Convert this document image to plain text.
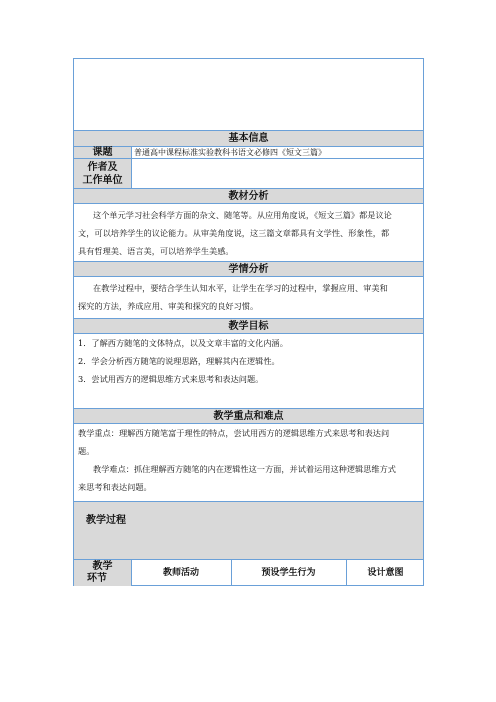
基本信息
课题	普通高中课程标准实验教科书语文必修四《短文三篇》
作者及
工作单位
教材分析
这个单元学习社会科学方面的杂文、随笔等。从应用角度说，《短文三篇》都是议论
文，可以培养学生的议论能力。从审美角度说，这三篇文章都具有文学性、形象性，都
具有哲理美、语言美，可以培养学生美感。
学情分析
在教学过程中，要结合学生认知水平，让学生在学习的过程中，掌握应用、审美和
探究的方法，养成应用、审美和探究的良好习惯。
教学目标
1．了解西方随笔的文体特点，以及文章丰富的文化内涵。
2．学会分析西方随笔的说理思路，理解其内在逻辑性。
3．尝试用西方的逻辑思维方式来思考和表达问题。
教学重点和难点
教学重点：理解西方随笔富于理性的特点，尝试用西方的逻辑思维方式来思考和表达问
题。
教学难点：抓住理解西方随笔的内在逻辑性这一方面，并试着运用这种逻辑思维方式
来思考和表达问题。
教学过程
教学
环节	教师活动	预设学生行为	设计意图
